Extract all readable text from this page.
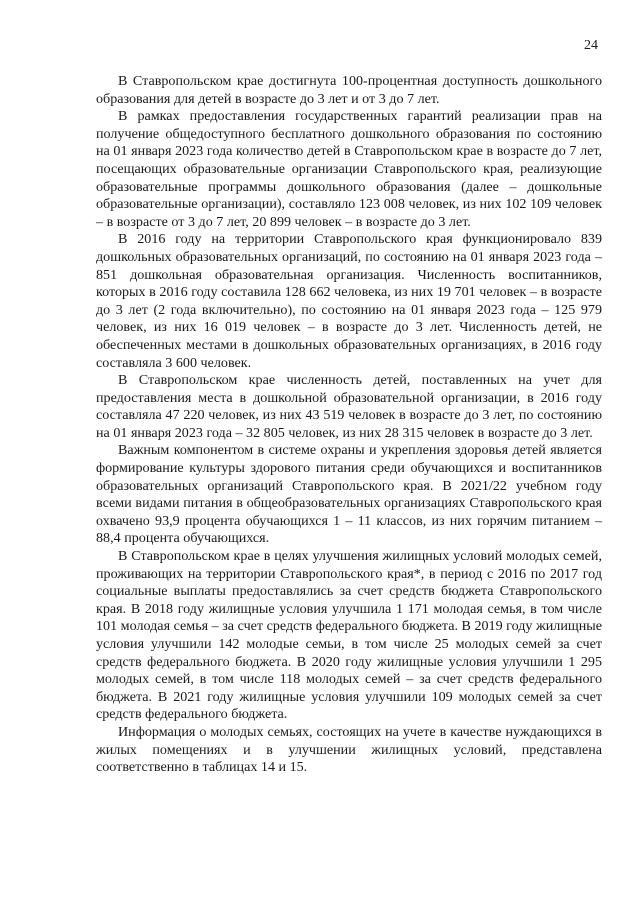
24

В Ставропольском крае достигнута 100-процентная доступность дошкольного образования для детей в возрасте до 3 лет и от 3 до 7 лет.

В рамках предоставления государственных гарантий реализации прав на получение общедоступного бесплатного дошкольного образования по состоянию на 01 января 2023 года количество детей в Ставропольском крае в возрасте до 7 лет, посещающих образовательные организации Ставропольского края, реализующие образовательные программы дошкольного образования (далее – дошкольные образовательные организации), составляло 123 008 человек, из них 102 109 человек – в возрасте от 3 до 7 лет, 20 899 человек – в возрасте до 3 лет.

В 2016 году на территории Ставропольского края функционировало 839 дошкольных образовательных организаций, по состоянию на 01 января 2023 года – 851 дошкольная образовательная организация. Численность воспитанников, которых в 2016 году составила 128 662 человека, из них 19 701 человек – в возрасте до 3 лет (2 года включительно), по состоянию на 01 января 2023 года – 125 979 человек, из них 16 019 человек – в возрасте до 3 лет. Численность детей, не обеспеченных местами в дошкольных образовательных организациях, в 2016 году составляла 3 600 человек.

В Ставропольском крае численность детей, поставленных на учет для предоставления места в дошкольной образовательной организации, в 2016 году составляла 47 220 человек, из них 43 519 человек в возрасте до 3 лет, по состоянию на 01 января 2023 года – 32 805 человек, из них 28 315 человек в возрасте до 3 лет.

Важным компонентом в системе охраны и укрепления здоровья детей является формирование культуры здорового питания среди обучающихся и воспитанников образовательных организаций Ставропольского края. В 2021/22 учебном году всеми видами питания в общеобразовательных организациях Ставропольского края охвачено 93,9 процента обучающихся 1 – 11 классов, из них горячим питанием – 88,4 процента обучающихся.

В Ставропольском крае в целях улучшения жилищных условий молодых семей, проживающих на территории Ставропольского края*, в период с 2016 по 2017 год социальные выплаты предоставлялись за счет средств бюджета Ставропольского края. В 2018 году жилищные условия улучшила 1 171 молодая семья, в том числе 101 молодая семья – за счет средств федерального бюджета. В 2019 году жилищные условия улучшили 142 молодые семьи, в том числе 25 молодых семей за счет средств федерального бюджета. В 2020 году жилищные условия улучшили 1 295 молодых семей, в том числе 118 молодых семей – за счет средств федерального бюджета. В 2021 году жилищные условия улучшили 109 молодых семей за счет средств федерального бюджета.

Информация о молодых семьях, состоящих на учете в качестве нуждающихся в жилых помещениях и в улучшении жилищных условий, представлена соответственно в таблицах 14 и 15.
